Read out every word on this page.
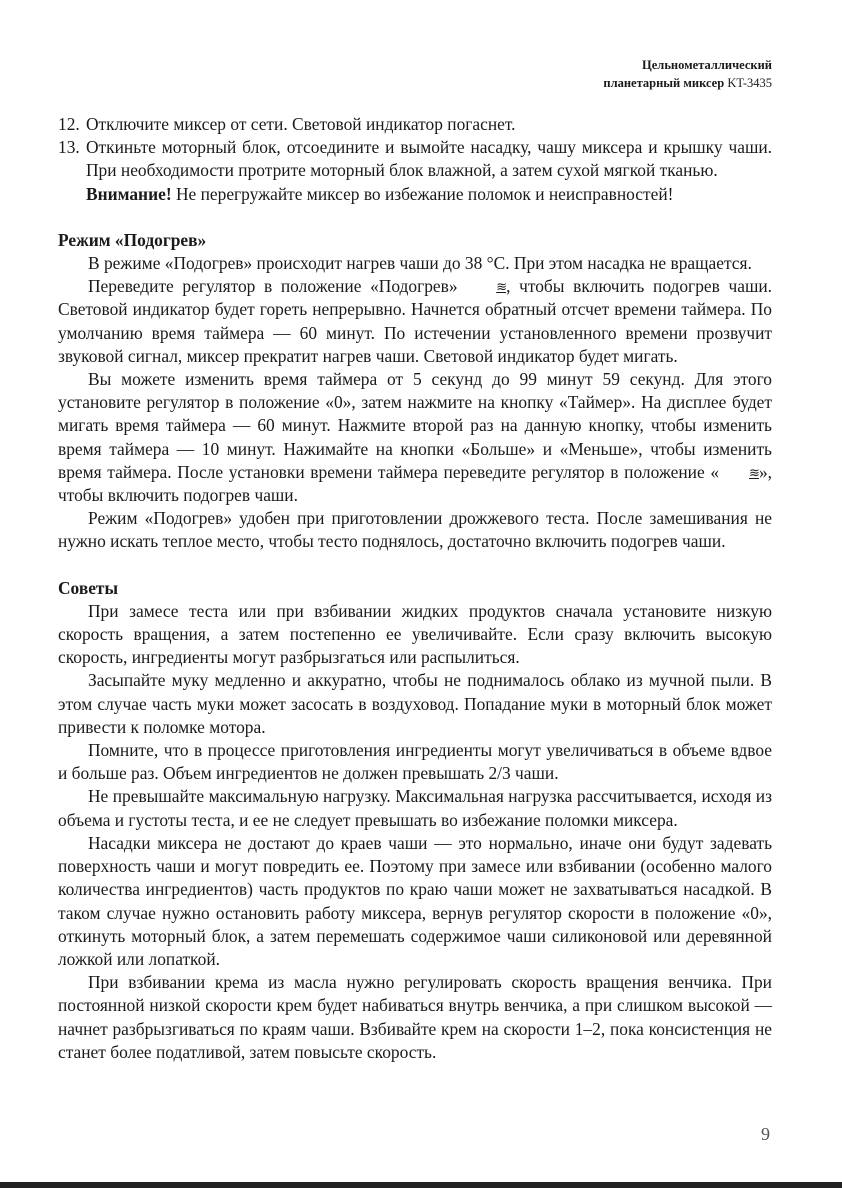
Цельнометаллический
планетарный миксер KT-3435
12. Отключите миксер от сети. Световой индикатор погаснет.
13. Откиньте моторный блок, отсоедините и вымойте насадку, чашу миксера и крышку чаши. При необходимости протрите моторный блок влажной, а затем сухой мягкой тканью.

Внимание! Не перегружайте миксер во избежание поломок и неисправностей!

Режим «Подогрев»

В режиме «Подогрев» происходит нагрев чаши до 38 °C. При этом насадка не вращается.

Переведите регулятор в положение «Подогрев» ≋, чтобы включить подогрев чаши. Световой индикатор будет гореть непрерывно. Начнется обратный отсчет времени таймера. По умолчанию время таймера — 60 минут. По истечении установленного времени прозвучит звуковой сигнал, миксер прекратит нагрев чаши. Световой индикатор будет мигать.

Вы можете изменить время таймера от 5 секунд до 99 минут 59 секунд. Для этого установите регулятор в положение «0», затем нажмите на кнопку «Таймер». На дисплее будет мигать время таймера — 60 минут. Нажмите второй раз на данную кнопку, чтобы изменить время таймера — 10 минут. Нажимайте на кнопки «Больше» и «Меньше», чтобы изменить время таймера. После установки времени таймера переведите регулятор в положение « ≋», чтобы включить подогрев чаши.

Режим «Подогрев» удобен при приготовлении дрожжевого теста. После замешивания не нужно искать теплое место, чтобы тесто поднялось, достаточно включить подогрев чаши.

Советы

При замесе теста или при взбивании жидких продуктов сначала установите низкую скорость вращения, а затем постепенно ее увеличивайте. Если сразу включить высокую скорость, ингредиенты могут разбрызгаться или распылиться.

Засыпайте муку медленно и аккуратно, чтобы не поднималось облако из мучной пыли. В этом случае часть муки может засосать в воздуховод. Попадание муки в моторный блок может привести к поломке мотора.

Помните, что в процессе приготовления ингредиенты могут увеличиваться в объеме вдвое и больше раз. Объем ингредиентов не должен превышать 2/3 чаши.

Не превышайте максимальную нагрузку. Максимальная нагрузка рассчитывается, исходя из объема и густоты теста, и ее не следует превышать во избежание поломки миксера.

Насадки миксера не достают до краев чаши — это нормально, иначе они будут задевать поверхность чаши и могут повредить ее. Поэтому при замесе или взбивании (особенно малого количества ингредиентов) часть продуктов по краю чаши может не захватываться насадкой. В таком случае нужно остановить работу миксера, вернув регулятор скорости в положение «0», откинуть моторный блок, а затем перемешать содержимое чаши силиконовой или деревянной ложкой или лопаткой.

При взбивании крема из масла нужно регулировать скорость вращения венчика. При постоянной низкой скорости крем будет набиваться внутрь венчика, а при слишком высокой — начнет разбрызгиваться по краям чаши. Взбивайте крем на скорости 1–2, пока консистенция не станет более податливой, затем повысьте скорость.

9
